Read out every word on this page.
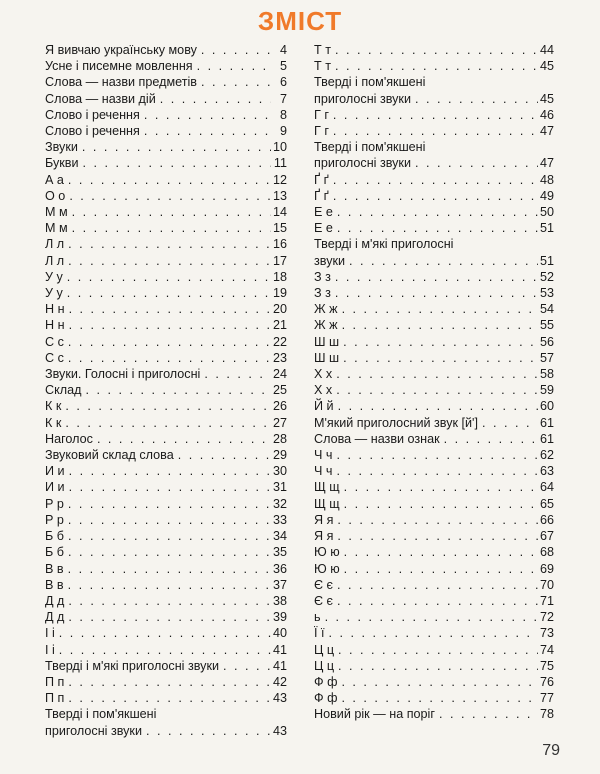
ЗМІСТ
Я вивчаю українську мову . . .	4
Усне і писемне мовлення . . .	5
Слова — назви предметів . . .	6
Слова — назви дій . . .	7
Слово і речення . . .	8
Слово і речення . . .	9
Звуки . . .	10
Букви . . .	11
А а . . .	12
О о . . .	13
М м . . .	14
М м . . .	15
Л л . . .	16
Л л . . .	17
У у . . .	18
У у . . .	19
Н н . . .	20
Н н . . .	21
С с . . .	22
С с . . .	23
Звуки. Голосні і приголосні . . .	24
Склад . . .	25
К к . . .	26
К к . . .	27
Наголос . . .	28
Звуковий склад слова . . .	29
И и . . .	30
И и . . .	31
Р р . . .	32
Р р . . .	33
Б б . . .	34
Б б . . .	35
В в . . .	36
В в . . .	37
Д д . . .	38
Д д . . .	39
І і . . .	40
І і . . .	41
Тверді і м'які приголосні звуки . . .	41
П п . . .	42
П п . . .	43
Тверді і пом'якшені
приголосні звуки . . .	43
Т т . . .	44
Т т . . .	45
Тверді і пом'якшені
приголосні звуки . . .	45
Г г . . .	46
Г г . . .	47
Тверді і пом'якшені
приголосні звуки . . .	47
Ґ ґ . . .	48
Ґ ґ . . .	49
Е е . . .	50
Е е . . .	51
Тверді і м'які приголосні
звуки . . .	51
З з . . .	52
З з . . .	53
Ж ж . . .	54
Ж ж . . .	55
Ш ш . . .	56
Ш ш . . .	57
Х х . . .	58
Х х . . .	59
Й й . . .	60
М'який приголосний звук [й'] . . .	61
Слова — назви ознак . . .	61
Ч ч . . .	62
Ч ч . . .	63
Щ щ . . .	64
Щ щ . . .	65
Я я . . .	66
Я я . . .	67
Ю ю . . .	68
Ю ю . . .	69
Є є . . .	70
Є є . . .	71
ь . . .	72
Ї ї . . .	73
Ц ц . . .	74
Ц ц . . .	75
Ф ф . . .	76
Ф ф . . .	77
Новий рік — на поріг . . .	78
79
